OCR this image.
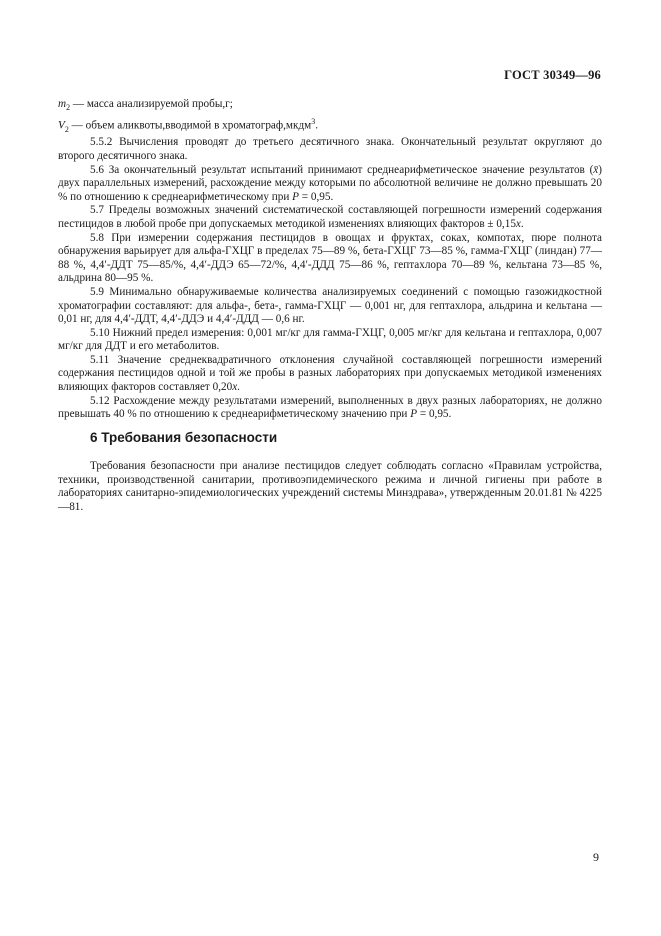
ГОСТ 30349—96

$m_2$ — масса анализируемой пробы,г;

$V_2$ — объем аликвоты,вводимой в хроматограф,мкдм$^3$.

5.5.2 Вычисления проводят до третьего десятичного знака. Окончательный результат округляют до второго десятичного знака.

5.6 За окончательный результат испытаний принимают среднеарифметическое значение результатов (x̄) двух параллельных измерений, расхождение между которыми по абсолютной величине не должно превышать 20 % по отношению к среднеарифметическому при P = 0,95.

5.7 Пределы возможных значений систематической составляющей погрешности измерений содержания пестицидов в любой пробе при допускаемых методикой изменениях влияющих факторов ± 0,15x.

5.8 При измерении содержания пестицидов в овощах и фруктах, соках, компотах, пюре полнота обнаружения варьирует для альфа-ГХЦГ в пределах 75—89 %, бета-ГХЦГ 73—85 %, гамма-ГХЦГ (линдан) 77—88 %, 4,4′-ДДТ 75—85/%, 4,4′-ДДЭ 65—72/%, 4,4′-ДДД 75—86 %, гептахлора 70—89 %, кельтана 73—85 %, альдрина 80—95 %.

5.9 Минимально обнаруживаемые количества анализируемых соединений с помощью газожидкостной хроматографии составляют: для альфа-, бета-, гамма-ГХЦГ — 0,001 нг, для гептахлора, альдрина и кельтана — 0,01 нг, для 4,4′-ДДТ, 4,4′-ДДЭ и 4,4′-ДДД — 0,6 нг.

5.10 Нижний предел измерения: 0,001 мг/кг для гамма-ГХЦГ, 0,005 мг/кг для кельтана и гептахлора, 0,007 мг/кг для ДДТ и его метаболитов.

5.11 Значение среднеквадратичного отклонения случайной составляющей погрешности измерений содержания пестицидов одной и той же пробы в разных лабораториях при допускаемых методикой изменениях влияющих факторов составляет 0,20x.

5.12 Расхождение между результатами измерений, выполненных в двух разных лабораториях, не должно превышать 40 % по отношению к среднеарифметическому значению при P = 0,95.

6 Требования безопасности

Требования безопасности при анализе пестицидов следует соблюдать согласно «Правилам устройства, техники, производственной санитарии, противоэпидемического режима и личной гигиены при работе в лабораториях санитарно-эпидемиологических учреждений системы Минздрава», утвержденным 20.01.81 № 4225—81.

9
